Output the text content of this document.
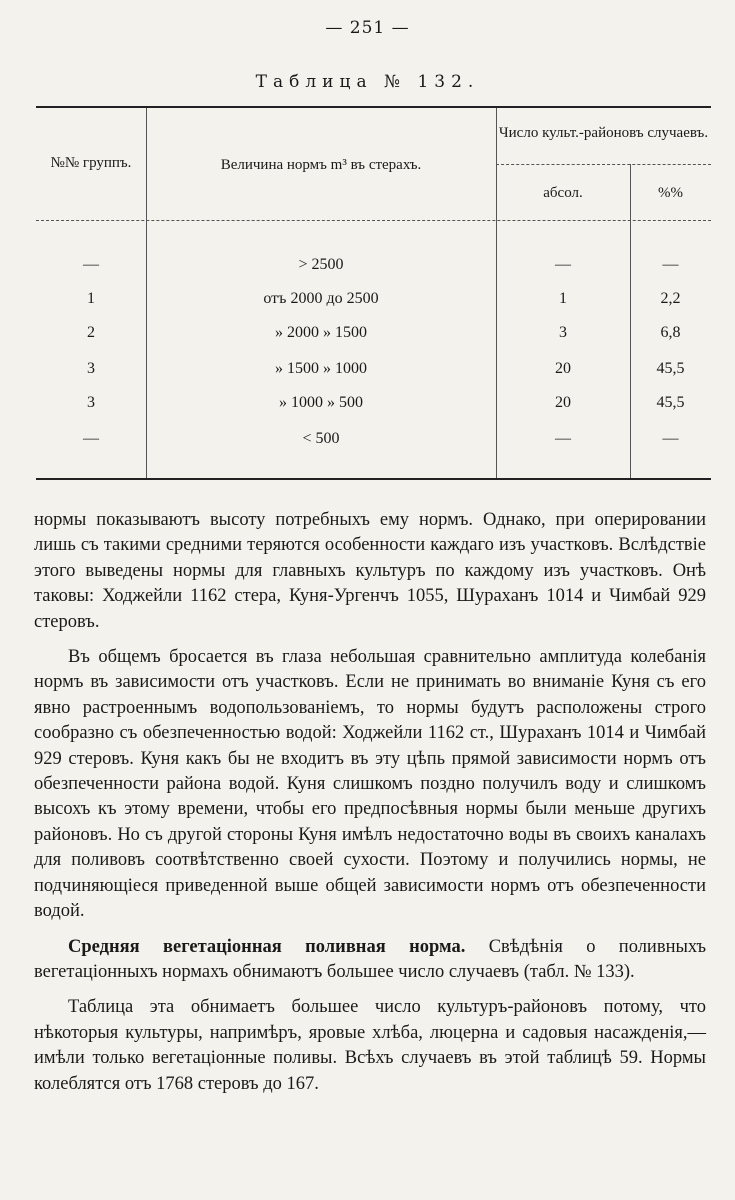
— 251 —
Таблица № 132.
№№ группъ.	Величина нормъ m³ въ стерахъ.
Число культ.-районовъ случаевъ.
абсол.	%%
—	> 2500	—	—
1	отъ 2000 до 2500	1	2,2
2	» 2000 » 1500	3	6,8
3	» 1500 » 1000	20	45,5
3	» 1000 » 500	20	45,5
—	< 500	—	—

нормы показываютъ высоту потребныхъ ему нормъ. Однако, при оперировании лишь съ такими средними теряются особенности каждаго изъ участковъ. Вслѣдствіе этого выведены нормы для главныхъ культуръ по каждому изъ участковъ. Онѣ таковы: Ходжейли 1162 стера, Куня-Ургенчъ 1055, Шураханъ 1014 и Чимбай 929 стеровъ.

Въ общемъ бросается въ глаза небольшая сравнительно амплитуда колебанія нормъ въ зависимости отъ участковъ. Если не принимать во вниманіе Куня съ его явно растроеннымъ водопользованіемъ, то нормы будутъ расположены строго сообразно съ обезпеченностью водой: Ходжейли 1162 ст., Шураханъ 1014 и Чимбай 929 стеровъ. Куня какъ бы не входитъ въ эту цѣпь прямой зависимости нормъ отъ обезпеченности района водой. Куня слишкомъ поздно получилъ воду и слишкомъ высохъ къ этому времени, чтобы его предпосѣвныя нормы были меньше другихъ районовъ. Но съ другой стороны Куня имѣлъ недостаточно воды въ своихъ каналахъ для поливовъ соотвѣтственно своей сухости. Поэтому и получились нормы, не подчиняющіеся приведенной выше общей зависимости нормъ отъ обезпеченности водой.

Средняя вегетаціонная поливная норма. Свѣдѣнія о поливныхъ вегетаціонныхъ нормахъ обнимаютъ большее число случаевъ (табл. № 133).

Таблица эта обнимаетъ большее число культуръ-районовъ потому, что нѣкоторыя культуры, напримѣръ, яровые хлѣба, люцерна и садовыя насажденія,—имѣли только вегетаціонные поливы. Всѣхъ случаевъ въ этой таблицѣ 59. Нормы колеблятся отъ 1768 стеровъ до 167.
